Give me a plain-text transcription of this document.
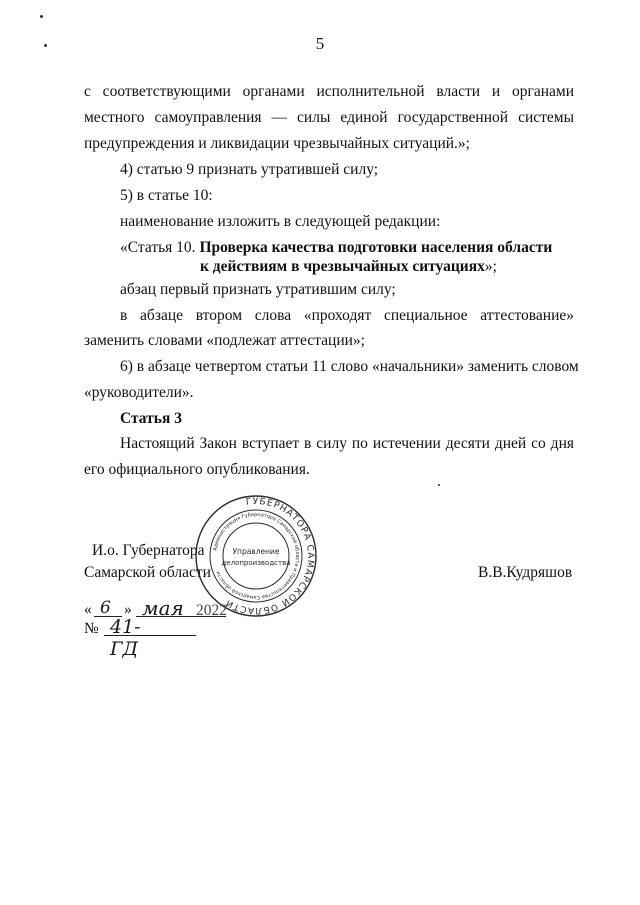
5
с соответствующими органами исполнительной власти и органами
местного самоуправления — силы единой государственной системы
предупреждения и ликвидации чрезвычайных ситуаций.»;
4) статью 9 признать утратившей силу;
5) в статье 10:
наименование изложить в следующей редакции:
«Статья 10. Проверка качества подготовки населения области
к действиям в чрезвычайных ситуациях»;
абзац первый признать утратившим силу;
в абзаце втором слова «проходят специальное аттестование»
заменить словами «подлежат аттестации»;
6) в абзаце четвертом статьи 11 слово «начальники» заменить словом
«руководители».
Статья 3
Настоящий Закон вступает в силу по истечении десяти дней со дня
его официального опубликования.
ГУБЕРНАТОРА САМАРСКОЙ ОБЛАСТИ
Администрация Губернатора Самарской области и Правительства Самарской области
Управление
делопроизводства
И.о. Губернатора
Самарской области	В.В.Кудряшов
« 6 » мая 2022
№ 41-ГД
